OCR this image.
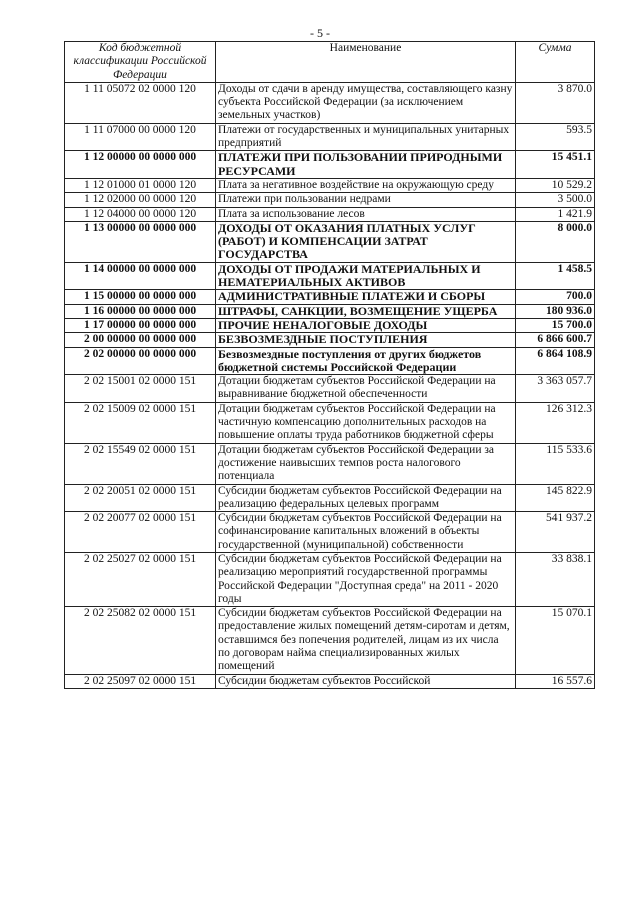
- 5 -
Код бюджетной классификации Российской Федерации	Наименование	Сумма
1 11 05072 02 0000 120	Доходы от сдачи в аренду имущества, составляющего казну субъекта Российской Федерации (за исключением земельных участков)	3 870.0
1 11 07000 00 0000 120	Платежи от государственных и муниципальных унитарных предприятий	593.5
1 12 00000 00 0000 000	ПЛАТЕЖИ ПРИ ПОЛЬЗОВАНИИ ПРИРОДНЫМИ РЕСУРСАМИ	15 451.1
1 12 01000 01 0000 120	Плата за негативное воздействие на окружающую среду	10 529.2
1 12 02000 00 0000 120	Платежи при пользовании недрами	3 500.0
1 12 04000 00 0000 120	Плата за использование лесов	1 421.9
1 13 00000 00 0000 000	ДОХОДЫ ОТ ОКАЗАНИЯ ПЛАТНЫХ УСЛУГ (РАБОТ) И КОМПЕНСАЦИИ ЗАТРАТ ГОСУДАРСТВА	8 000.0
1 14 00000 00 0000 000	ДОХОДЫ ОТ ПРОДАЖИ МАТЕРИАЛЬНЫХ И НЕМАТЕРИАЛЬНЫХ АКТИВОВ	1 458.5
1 15 00000 00 0000 000	АДМИНИСТРАТИВНЫЕ ПЛАТЕЖИ И СБОРЫ	700.0
1 16 00000 00 0000 000	ШТРАФЫ, САНКЦИИ, ВОЗМЕЩЕНИЕ УЩЕРБА	180 936.0
1 17 00000 00 0000 000	ПРОЧИЕ НЕНАЛОГОВЫЕ ДОХОДЫ	15 700.0
2 00 00000 00 0000 000	БЕЗВОЗМЕЗДНЫЕ ПОСТУПЛЕНИЯ	6 866 600.7
2 02 00000 00 0000 000	Безвозмездные поступления от других бюджетов бюджетной системы Российской Федерации	6 864 108.9
2 02 15001 02 0000 151	Дотации бюджетам субъектов Российской Федерации на выравнивание бюджетной обеспеченности	3 363 057.7
2 02 15009 02 0000 151	Дотации бюджетам субъектов Российской Федерации на частичную компенсацию дополнительных расходов на повышение оплаты труда работников бюджетной сферы	126 312.3
2 02 15549 02 0000 151	Дотации бюджетам субъектов Российской Федерации за достижение наивысших темпов роста налогового потенциала	115 533.6
2 02 20051 02 0000 151	Субсидии бюджетам субъектов Российской Федерации на реализацию федеральных целевых программ	145 822.9
2 02 20077 02 0000 151	Субсидии бюджетам субъектов Российской Федерации на софинансирование капитальных вложений в объекты государственной (муниципальной) собственности	541 937.2
2 02 25027 02 0000 151	Субсидии бюджетам субъектов Российской Федерации на реализацию мероприятий государственной программы Российской Федерации "Доступная среда" на 2011 - 2020 годы	33 838.1
2 02 25082 02 0000 151	Субсидии бюджетам субъектов Российской Федерации на предоставление жилых помещений детям-сиротам и детям, оставшимся без попечения родителей, лицам из их числа по договорам найма специализированных жилых помещений	15 070.1
2 02 25097 02 0000 151	Субсидии бюджетам субъектов Российской	16 557.6
